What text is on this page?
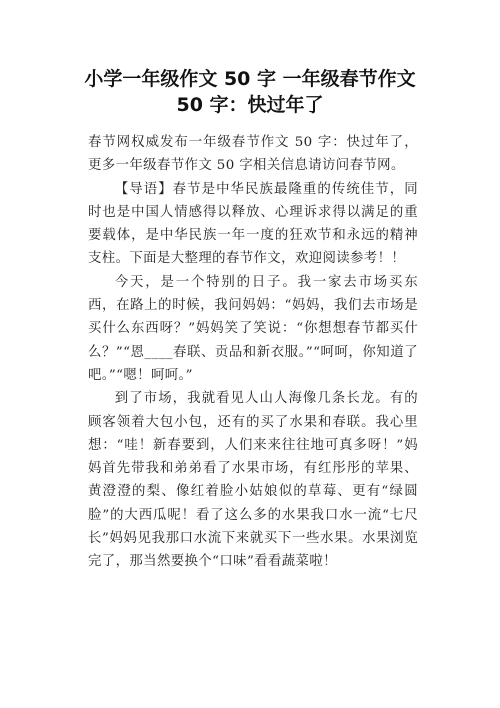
小学一年级作文 50 字 一年级春节作文
50 字：快过年了

春节网权威发布一年级春节作文 50 字：快过年了，更多一年级春节作文 50 字相关信息请访问春节网。

【导语】春节是中华民族最隆重的传统佳节，同时也是中国人情感得以释放、心理诉求得以满足的重要载体，是中华民族一年一度的狂欢节和永远的精神支柱。下面是大整理的春节作文，欢迎阅读参考！！

今天，是一个特别的日子。我一家去市场买东西，在路上的时候，我问妈妈：“妈妈，我们去市场是买什么东西呀？”妈妈笑了笑说：“你想想春节都买什么？”“恩____春联、贡品和新衣服。”“呵呵，你知道了吧。”“嗯！呵呵。”

到了市场，我就看见人山人海像几条长龙。有的顾客领着大包小包，还有的买了水果和春联。我心里想：“哇！新春要到，人们来来往往地可真多呀！”妈妈首先带我和弟弟看了水果市场，有红彤彤的苹果、黄澄澄的梨、像红着脸小姑娘似的草莓、更有“绿圆脸”的大西瓜呢！看了这么多的水果我口水一流“七尺长”妈妈见我那口水流下来就买下一些水果。水果浏览完了，那当然要换个“口味”看看蔬菜啦！
